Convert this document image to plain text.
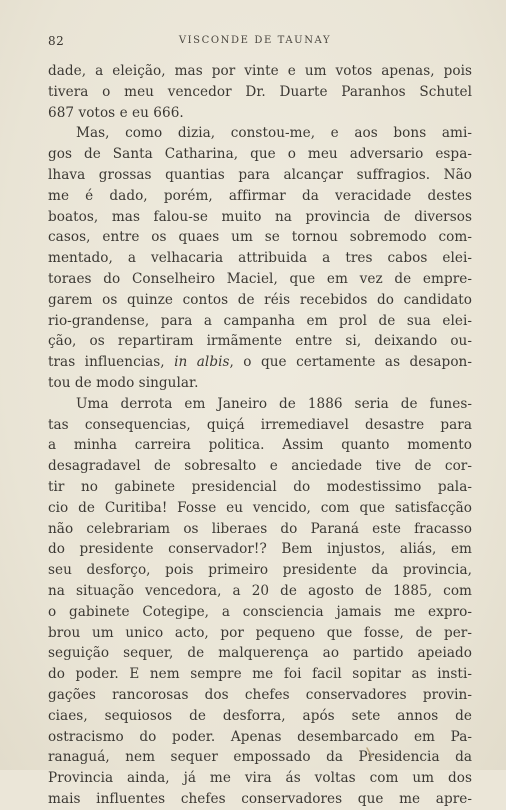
82	VISCONDE DE TAUNAY

dade, a eleição, mas por vinte e um votos apenas, pois
tivera o meu vencedor Dr. Duarte Paranhos Schutel
687 votos e eu 666.

Mas, como dizia, constou-me, e aos bons ami-
gos de Santa Catharina, que o meu adversario espa-
lhava grossas quantias para alcançar suffragios. Não
me é dado, porém, affirmar da veracidade destes
boatos, mas falou-se muito na provincia de diversos
casos, entre os quaes um se tornou sobremodo com-
mentado, a velhacaria attribuida a tres cabos elei-
toraes do Conselheiro Maciel, que em vez de empre-
garem os quinze contos de réis recebidos do candidato
rio-grandense, para a campanha em prol de sua elei-
ção, os repartiram irmãmente entre si, deixando ou-
tras influencias, in albis, o que certamente as desapon-
tou de modo singular.

Uma derrota em Janeiro de 1886 seria de funes-
tas consequencias, quiçá irremediavel desastre para
a minha carreira politica. Assim quanto momento
desagradavel de sobresalto e anciedade tive de cor-
tir no gabinete presidencial do modestissimo pala-
cio de Curitiba! Fosse eu vencido, com que satisfacção
não celebrariam os liberaes do Paraná este fracasso
do presidente conservador!? Bem injustos, aliás, em
seu desforço, pois primeiro presidente da provincia,
na situação vencedora, a 20 de agosto de 1885, com
o gabinete Cotegipe, a consciencia jamais me expro-
brou um unico acto, por pequeno que fosse, de per-
seguição sequer, de malquerença ao partido apeiado
do poder. E nem sempre me foi facil sopitar as insti-
gações rancorosas dos chefes conservadores provin-
ciaes, sequiosos de desforra, após sete annos de
ostracismo do poder. Apenas desembarcado em Pa-
ranaguá, nem sequer empossado da Presidencia da
Provincia ainda, já me vira ás voltas com um dos
mais influentes chefes conservadores que me apre-
